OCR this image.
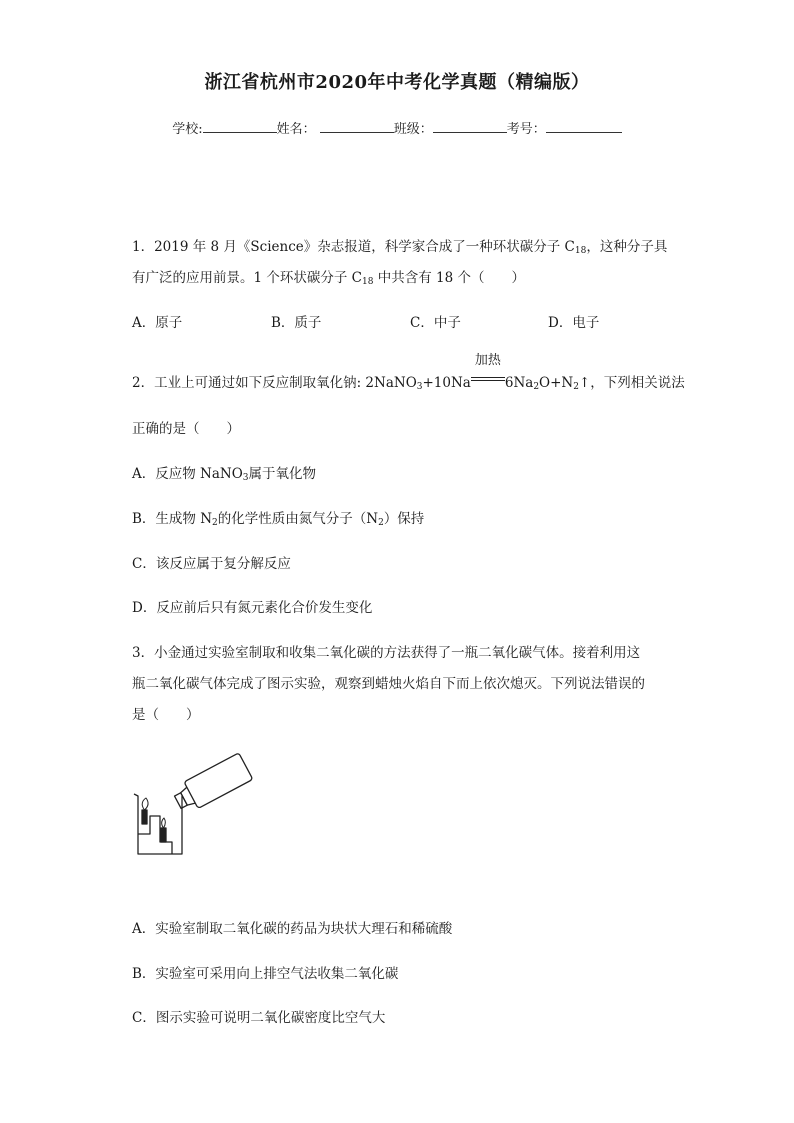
浙江省杭州市2020年中考化学真题（精编版）
学校:	姓名：	班级：	考号：
1．2019 年 8 月《Science》杂志报道，科学家合成了一种环状碳分子 $C_{18}$，这种分子具
有广泛的应用前景。1 个环状碳分子 $C_{18}$ 中共含有 18 个（　　）
A．原子	B．质子	C．中子	D．电子
2．工业上可通过如下反应制取氧化钠: 2NaNO$_3$+10Na
加热
$6Na_2O+N_2↑$，下列相关说法
正确的是（　　）
A．反应物 NaNO$_3$属于氧化物
B．生成物 $N_2$的化学性质由氮气分子$(N_2)$保持
C．该反应属于复分解反应
D．反应前后只有氮元素化合价发生变化
3．小金通过实验室制取和收集二氧化碳的方法获得了一瓶二氧化碳气体。接着利用这
瓶二氧化碳气体完成了图示实验，观察到蜡烛火焰自下而上依次熄灭。下列说法错误的
是（　　）
A．实验室制取二氧化碳的药品为块状大理石和稀硫酸
B．实验室可采用向上排空气法收集二氧化碳
C．图示实验可说明二氧化碳密度比空气大
